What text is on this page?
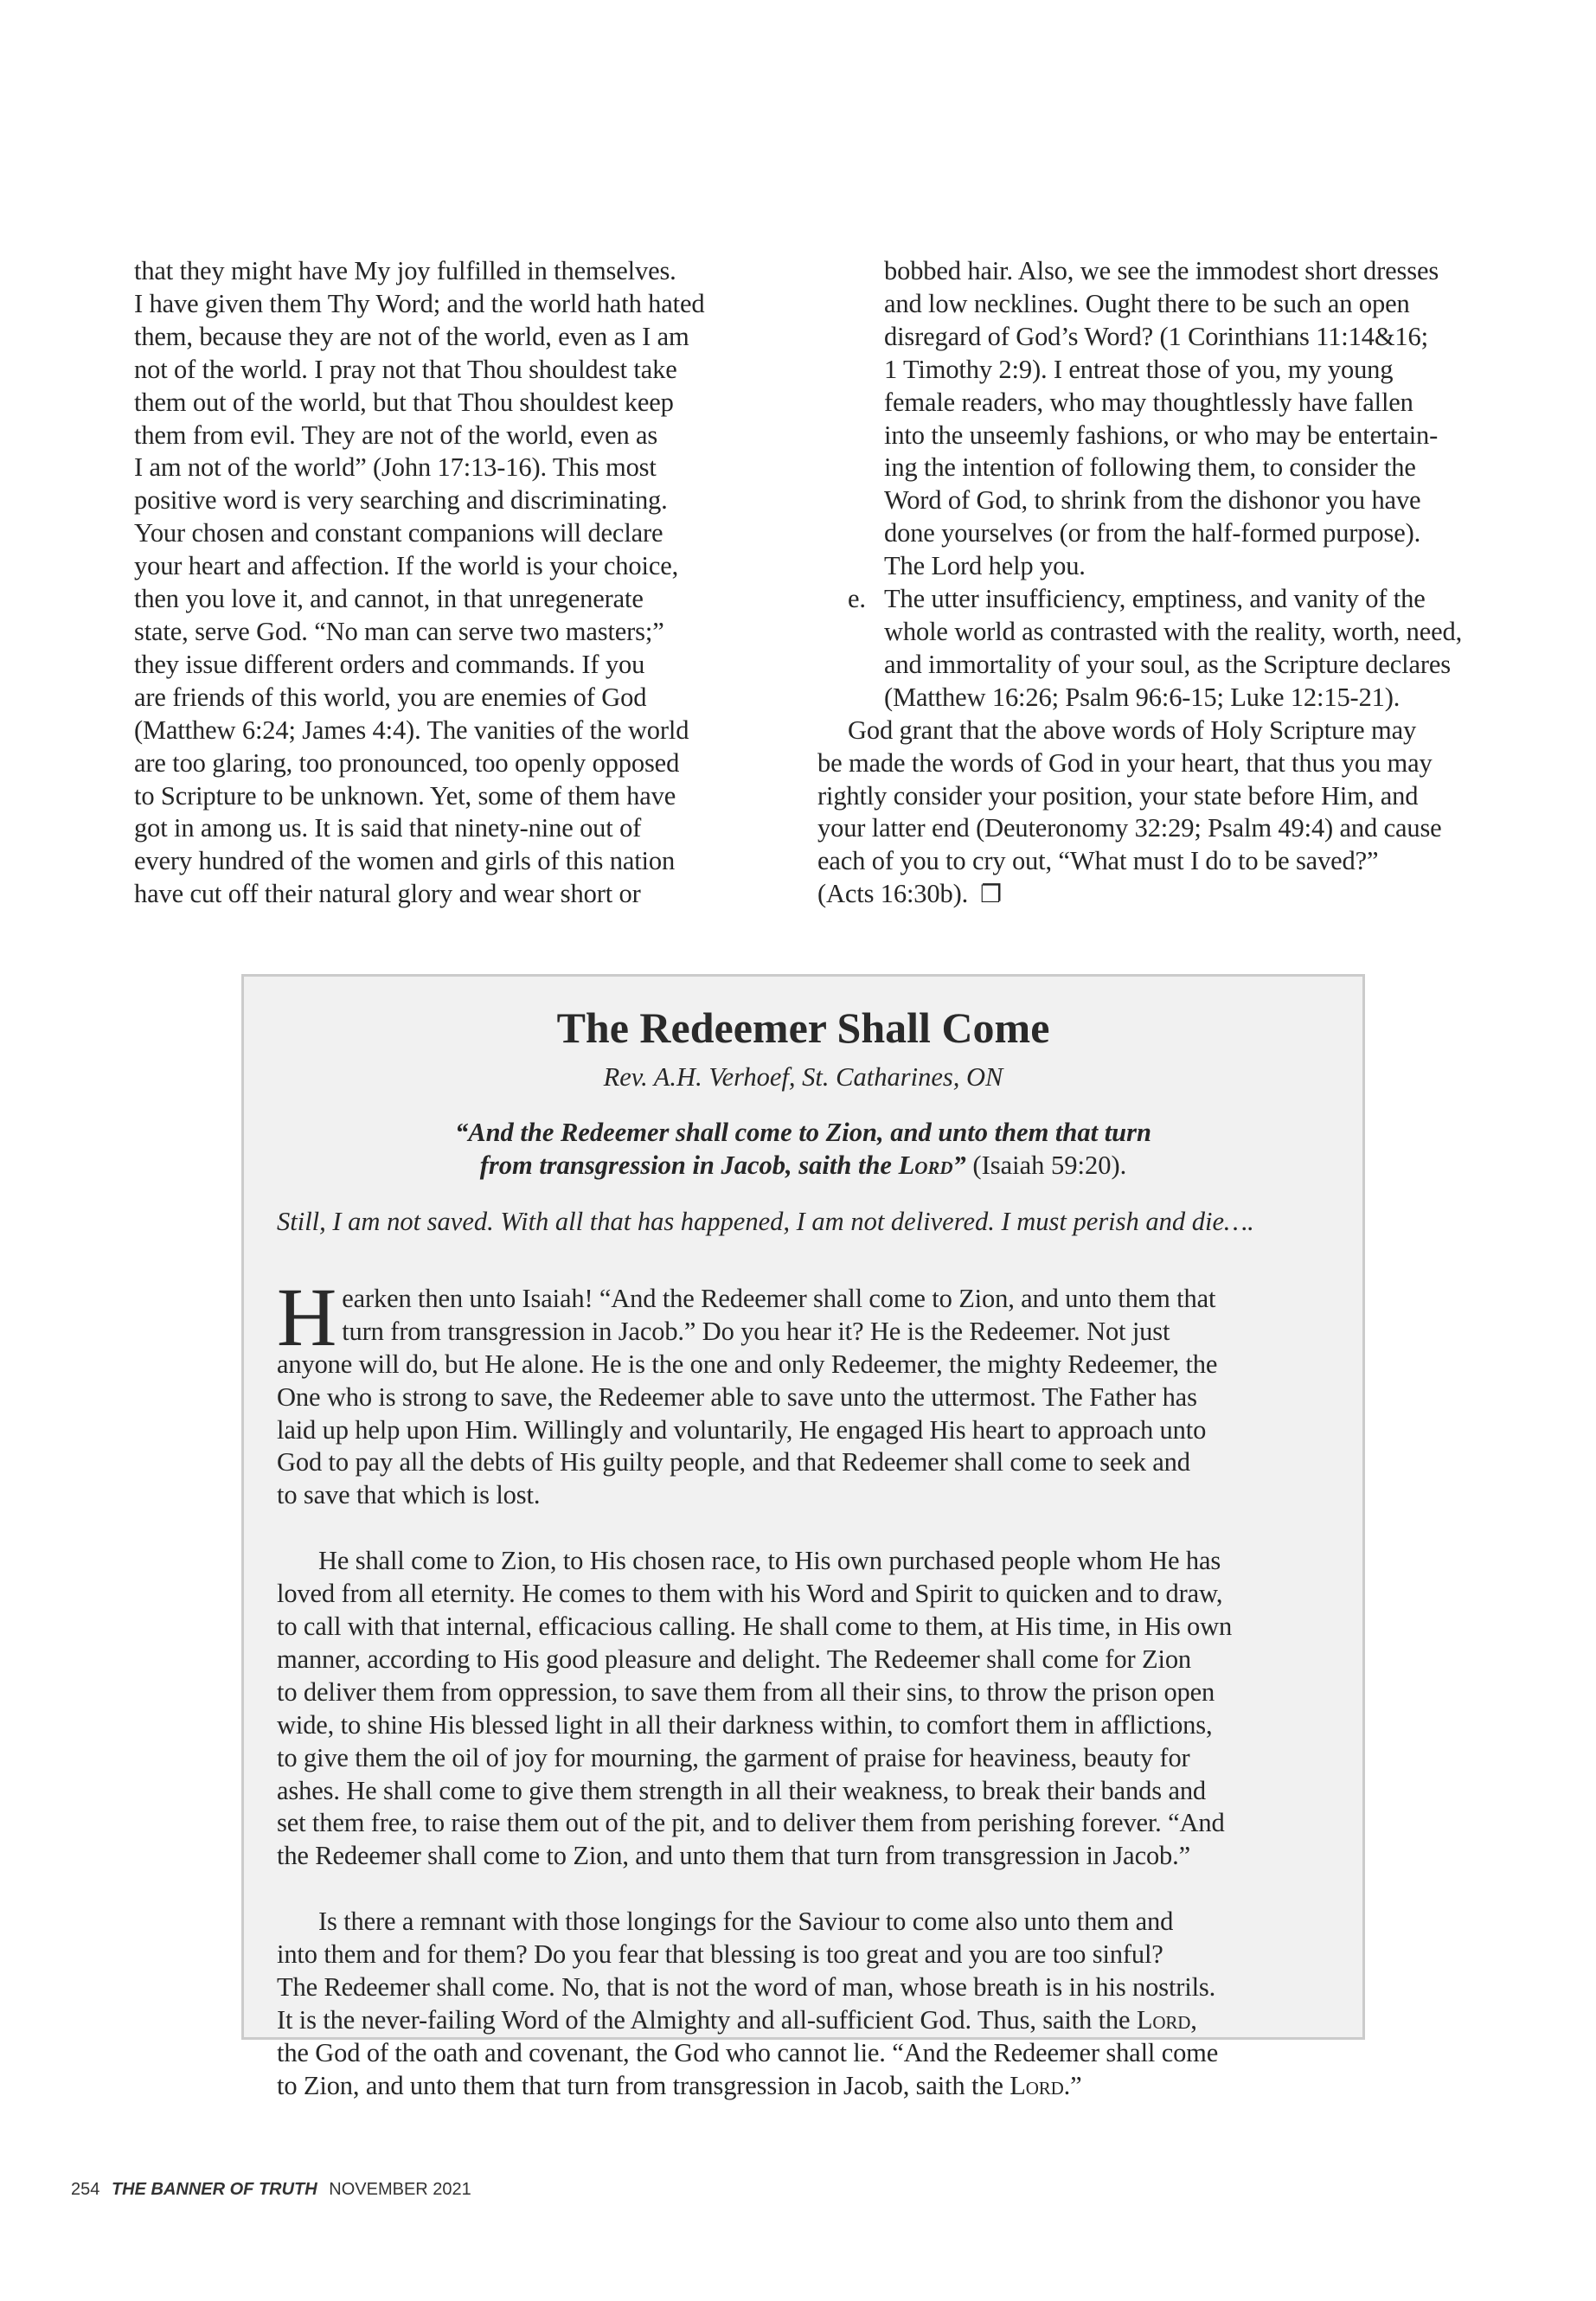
that they might have My joy fulfilled in themselves.
I have given them Thy Word; and the world hath hated
them, because they are not of the world, even as I am
not of the world. I pray not that Thou shouldest take
them out of the world, but that Thou shouldest keep
them from evil. They are not of the world, even as
I am not of the world” (John 17:13-16). This most
positive word is very searching and discriminating.
Your chosen and constant companions will declare
your heart and affection. If the world is your choice,
then you love it, and cannot, in that unregenerate
state, serve God. “No man can serve two masters;”
they issue different orders and commands. If you
are friends of this world, you are enemies of God
(Matthew 6:24; James 4:4). The vanities of the world
are too glaring, too pronounced, too openly opposed
to Scripture to be unknown. Yet, some of them have
got in among us. It is said that ninety-nine out of
every hundred of the women and girls of this nation
have cut off their natural glory and wear short or
bobbed hair. Also, we see the immodest short dresses
and low necklines. Ought there to be such an open
disregard of God’s Word? (1 Corinthians 11:14&16;
1 Timothy 2:9). I entreat those of you, my young
female readers, who may thoughtlessly have fallen
into the unseemly fashions, or who may be entertain-
ing the intention of following them, to consider the
Word of God, to shrink from the dishonor you have
done yourselves (or from the half-formed purpose).
The Lord help you.
e. The utter insufficiency, emptiness, and vanity of the
whole world as contrasted with the reality, worth, need,
and immortality of your soul, as the Scripture declares
(Matthew 16:26; Psalm 96:6-15; Luke 12:15-21).
God grant that the above words of Holy Scripture may
be made the words of God in your heart, that thus you may
rightly consider your position, your state before Him, and
your latter end (Deuteronomy 32:29; Psalm 49:4) and cause
each of you to cry out, “What must I do to be saved?”
(Acts 16:30b). ❐
The Redeemer Shall Come
Rev. A.H. Verhoef, St. Catharines, ON
“And the Redeemer shall come to Zion, and unto them that turn
from transgression in Jacob, saith the Lord” (Isaiah 59:20).
Still, I am not saved. With all that has happened, I am not delivered. I must perish and die….

Hearken then unto Isaiah! “And the Redeemer shall come to Zion, and unto them that
turn from transgression in Jacob.” Do you hear it? He is the Redeemer. Not just
anyone will do, but He alone. He is the one and only Redeemer, the mighty Redeemer, the
One who is strong to save, the Redeemer able to save unto the uttermost. The Father has
laid up help upon Him. Willingly and voluntarily, He engaged His heart to approach unto
God to pay all the debts of His guilty people, and that Redeemer shall come to seek and
to save that which is lost.

He shall come to Zion, to His chosen race, to His own purchased people whom He has
loved from all eternity. He comes to them with his Word and Spirit to quicken and to draw,
to call with that internal, efficacious calling. He shall come to them, at His time, in His own
manner, according to His good pleasure and delight. The Redeemer shall come for Zion
to deliver them from oppression, to save them from all their sins, to throw the prison open
wide, to shine His blessed light in all their darkness within, to comfort them in afflictions,
to give them the oil of joy for mourning, the garment of praise for heaviness, beauty for
ashes. He shall come to give them strength in all their weakness, to break their bands and
set them free, to raise them out of the pit, and to deliver them from perishing forever. “And
the Redeemer shall come to Zion, and unto them that turn from transgression in Jacob.”

Is there a remnant with those longings for the Saviour to come also unto them and
into them and for them? Do you fear that blessing is too great and you are too sinful?
The Redeemer shall come. No, that is not the word of man, whose breath is in his nostrils.
It is the never-failing Word of the Almighty and all-sufficient God. Thus, saith the Lord,
the God of the oath and covenant, the God who cannot lie. “And the Redeemer shall come
to Zion, and unto them that turn from transgression in Jacob, saith the Lord.”

254 THE BANNER OF TRUTH NOVEMBER 2021
